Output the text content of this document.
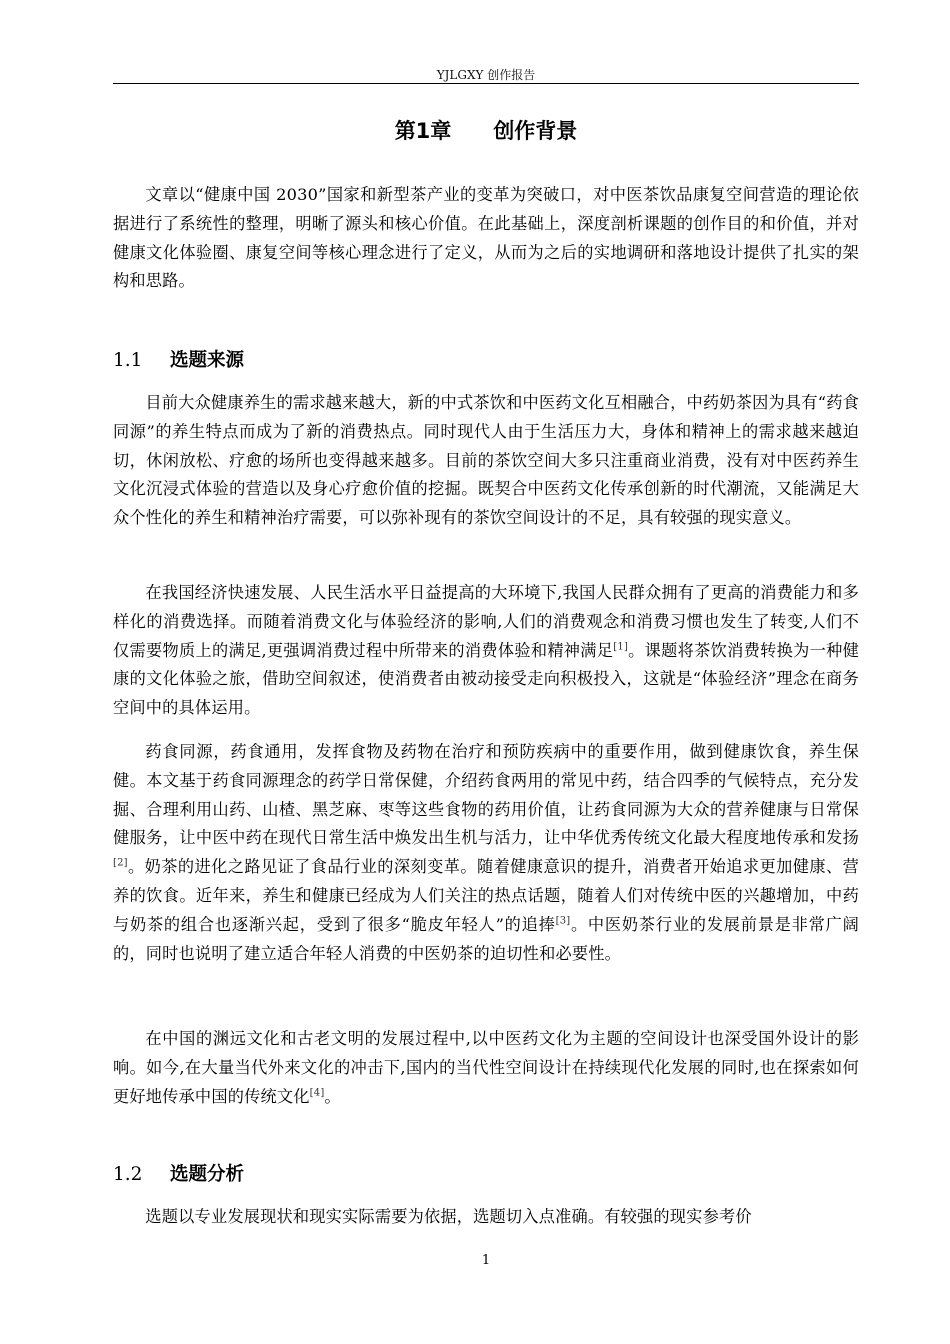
YJLGXY 创作报告
第1章 创作背景

文章以“健康中国 2030”国家和新型茶产业的变革为突破口，对中医茶饮品康复空间营造的理论依据进行了系统性的整理，明晰了源头和核心价值。在此基础上，深度剖析课题的创作目的和价值，并对健康文化体验圈、康复空间等核心理念进行了定义，从而为之后的实地调研和落地设计提供了扎实的架构和思路。

1.1 选题来源

目前大众健康养生的需求越来越大，新的中式茶饮和中医药文化互相融合，中药奶茶因为具有“药食同源”的养生特点而成为了新的消费热点。同时现代人由于生活压力大，身体和精神上的需求越来越迫切，休闲放松、疗愈的场所也变得越来越多。目前的茶饮空间大多只注重商业消费，没有对中医药养生文化沉浸式体验的营造以及身心疗愈价值的挖掘。既契合中医药文化传承创新的时代潮流，又能满足大众个性化的养生和精神治疗需要，可以弥补现有的茶饮空间设计的不足，具有较强的现实意义。

在我国经济快速发展、人民生活水平日益提高的大环境下,我国人民群众拥有了更高的消费能力和多样化的消费选择。而随着消费文化与体验经济的影响,人们的消费观念和消费习惯也发生了转变,人们不仅需要物质上的满足,更强调消费过程中所带来的消费体验和精神满足[1]。课题将茶饮消费转换为一种健康的文化体验之旅，借助空间叙述，使消费者由被动接受走向积极投入，这就是“体验经济”理念在商务空间中的具体运用。

药食同源，药食通用，发挥食物及药物在治疗和预防疾病中的重要作用，做到健康饮食，养生保健。本文基于药食同源理念的药学日常保健，介绍药食两用的常见中药，结合四季的气候特点，充分发掘、合理利用山药、山楂、黑芝麻、枣等这些食物的药用价值，让药食同源为大众的营养健康与日常保健服务，让中医中药在现代日常生活中焕发出生机与活力，让中华优秀传统文化最大程度地传承和发扬[2]。奶茶的进化之路见证了食品行业的深刻变革。随着健康意识的提升，消费者开始追求更加健康、营养的饮食。近年来，养生和健康已经成为人们关注的热点话题，随着人们对传统中医的兴趣增加，中药与奶茶的组合也逐渐兴起，受到了很多“脆皮年轻人”的追捧[3]。中医奶茶行业的发展前景是非常广阔的，同时也说明了建立适合年轻人消费的中医奶茶的迫切性和必要性。

在中国的渊远文化和古老文明的发展过程中,以中医药文化为主题的空间设计也深受国外设计的影响。如今,在大量当代外来文化的冲击下,国内的当代性空间设计在持续现代化发展的同时,也在探索如何更好地传承中国的传统文化[4]。

1.2 选题分析

选题以专业发展现状和现实实际需要为依据，选题切入点准确。有较强的现实参考价

1
